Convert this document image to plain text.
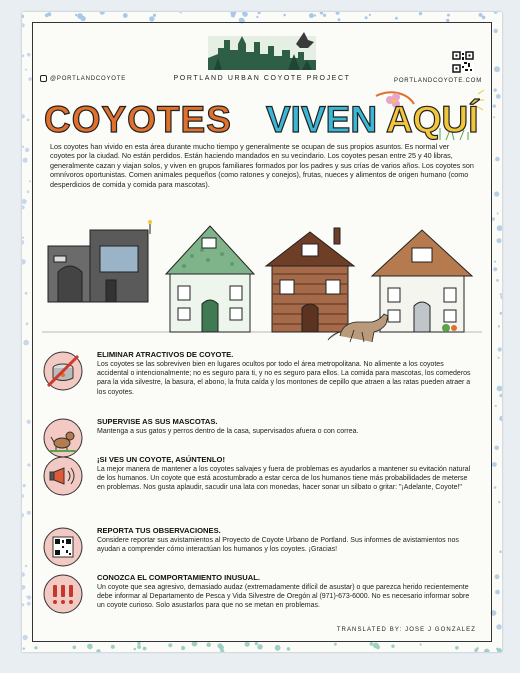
@PORTLANDCOYOTE	PORTLAND URBAN COYOTE PROJECT	PORTLANDCOYOTE.COM
COYOTES VIVEN AQUÍ

Los coyotes han vivido en esta área durante mucho tiempo y generalmente se ocupan de sus propios asuntos. Es normal ver coyotes por la ciudad. No están perdidos. Están haciendo mandados en su vecindario. Los coyotes pesan entre 25 y 40 libras, generalmente cazan y viajan solos, y viven en grupos familiares formados por los padres y sus crías de varios años. Los coyotes son omnívoros oportunistas. Comen animales pequeños (como ratones y conejos), frutas, nueces y alimentos de origen humano (como desperdicios de comida y comida para mascotas).

ELIMINAR ATRACTIVOS DE COYOTE.

Los coyotes se las sobreviven bien en lugares ocultos por todo el área metropolitana. No alimente a los coyotes accidental o intencionalmente; no es seguro para ti, y no es seguro para ellos. La comida para mascotas, los comederos para la vida silvestre, la basura, el abono, la fruta caída y los montones de cepillo que atraen a las ratas pueden atraer a los coyotes.

SUPERVISE AS SUS MASCOTAS.

Mantenga a sus gatos y perros dentro de la casa, supervisados afuera o con correa.

¡SI VES UN COYOTE, ASÚNTENLO!

La mejor manera de mantener a los coyotes salvajes y fuera de problemas es ayudarlos a mantener su evitación natural de los humanos. Un coyote que está acostumbrado a estar cerca de los humanos tiene más probabilidades de meterse en problemas. Nos gusta aplaudir, sacudir una lata con monedas, hacer sonar un silbato o gritar: "¡Adelante, Coyote!"

REPORTA TUS OBSERVACIONES.

Considere reportar sus avistamientos al Proyecto de Coyote Urbano de Portland. Sus informes de avistamientos nos ayudan a comprender cómo interactúan los humanos y los coyotes. ¡Gracias!

CONOZCA EL COMPORTAMIENTO INUSUAL.

Un coyote que sea agresivo, demasiado audaz (extremadamente difícil de asustar) o que parezca herido recientemente debe informar al Departamento de Pesca y Vida Silvestre de Oregón al (971)-673-6000. No es necesario informar sobre un coyote curioso. Solo asustarlos para que no se metan en problemas.

TRANSLATED BY: JOSE J GONZALEZ
